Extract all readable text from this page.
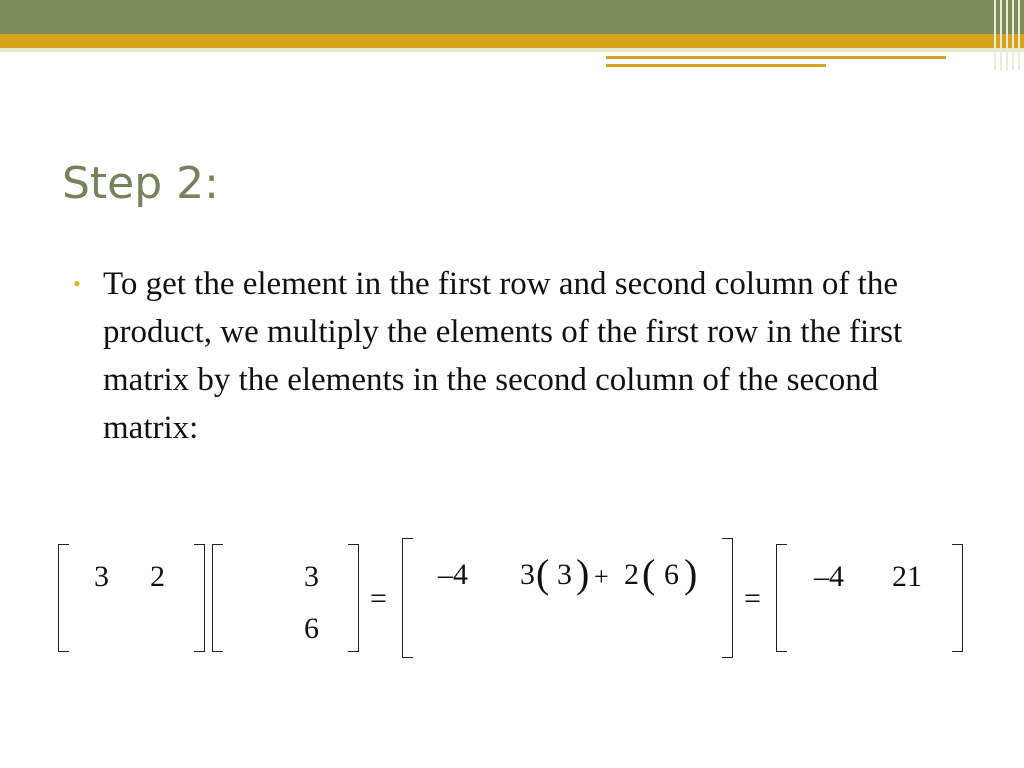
Step 2:
• To get the element in the first row and second column of the product, we multiply the elements of the first row in the first matrix by the elements in the second column of the second matrix:
3 2	3
6
=
–4 3 ( 3 ) + 2 ( 6 )
=
–4 21
